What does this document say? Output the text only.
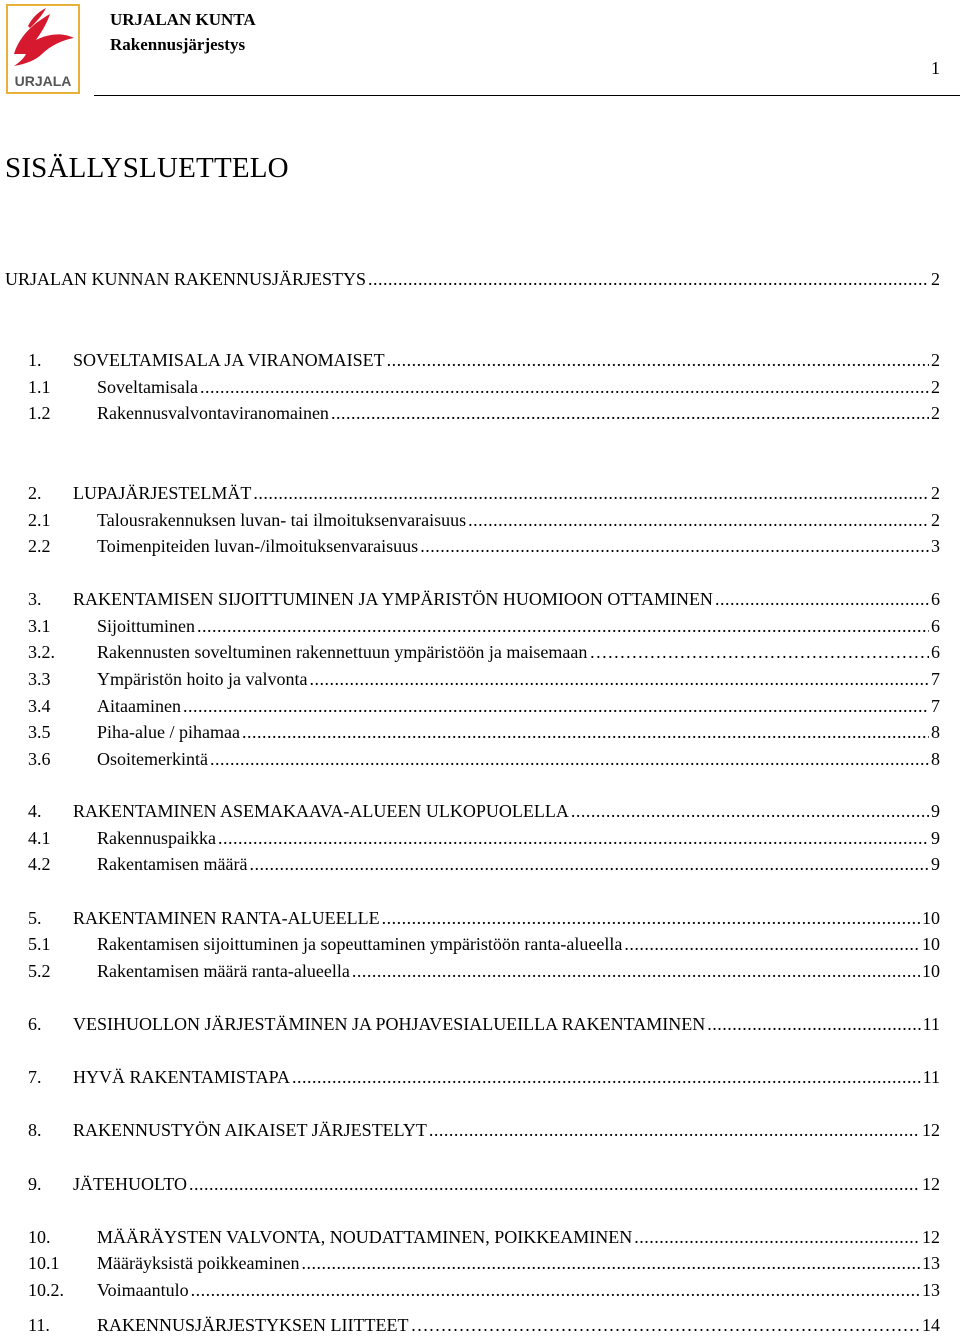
URJALA
URJALAN KUNTA
Rakennusjärjestys
1
SISÄLLYSLUETTELO
URJALAN KUNNAN RAKENNUSJÄRJESTYS .....	2
1. SOVELTAMISALA JA VIRANOMAISET .....	2
1.1	Soveltamisala .....	2
1.2	Rakennusvalvontaviranomainen .....	2
2. LUPAJÄRJESTELMÄT .....	2
2.1	Talousrakennuksen luvan- tai ilmoituksenvaraisuus .....	2
2.2	Toimenpiteiden luvan-/ilmoituksenvaraisuus .....	3
3. RAKENTAMISEN SIJOITTUMINEN JA YMPÄRISTÖN HUOMIOON OTTAMINEN .....	6
3.1	Sijoittuminen .....	6
3.2. Rakennusten soveltuminen rakennettuun ympäristöön ja maisemaan ……………………………………………………………………………………………………………………	6
3.3	Ympäristön hoito ja valvonta .....	7
3.4	Aitaaminen .....	7
3.5	Piha-alue / pihamaa .....	8
3.6	Osoitemerkintä .....	8
4. RAKENTAMINEN ASEMAKAAVA-ALUEEN ULKOPUOLELLA .....	9
4.1	Rakennuspaikka .....	9
4.2	Rakentamisen määrä .....	9
5. RAKENTAMINEN RANTA-ALUEELLE .....	10
5.1	Rakentamisen sijoittuminen ja sopeuttaminen ympäristöön ranta-alueella .....	10
5.2	Rakentamisen määrä ranta-alueella .....	10
6. VESIHUOLLON JÄRJESTÄMINEN JA POHJAVESIALUEILLA RAKENTAMINEN .....	11
7. HYVÄ RAKENTAMISTAPA .....	11
8. RAKENNUSTYÖN AIKAISET JÄRJESTELYT .....	12
9. JÄTEHUOLTO .....	12
10.	MÄÄRÄYSTEN VALVONTA, NOUDATTAMINEN, POIKKEAMINEN .....	12
10.1 Määräyksistä poikkeaminen .....	13
10.2. Voimaantulo .....	13
11.	RAKENNUSJÄRJESTYKSEN LIITTEET ……………………………………………………………………………………………………………………	14
